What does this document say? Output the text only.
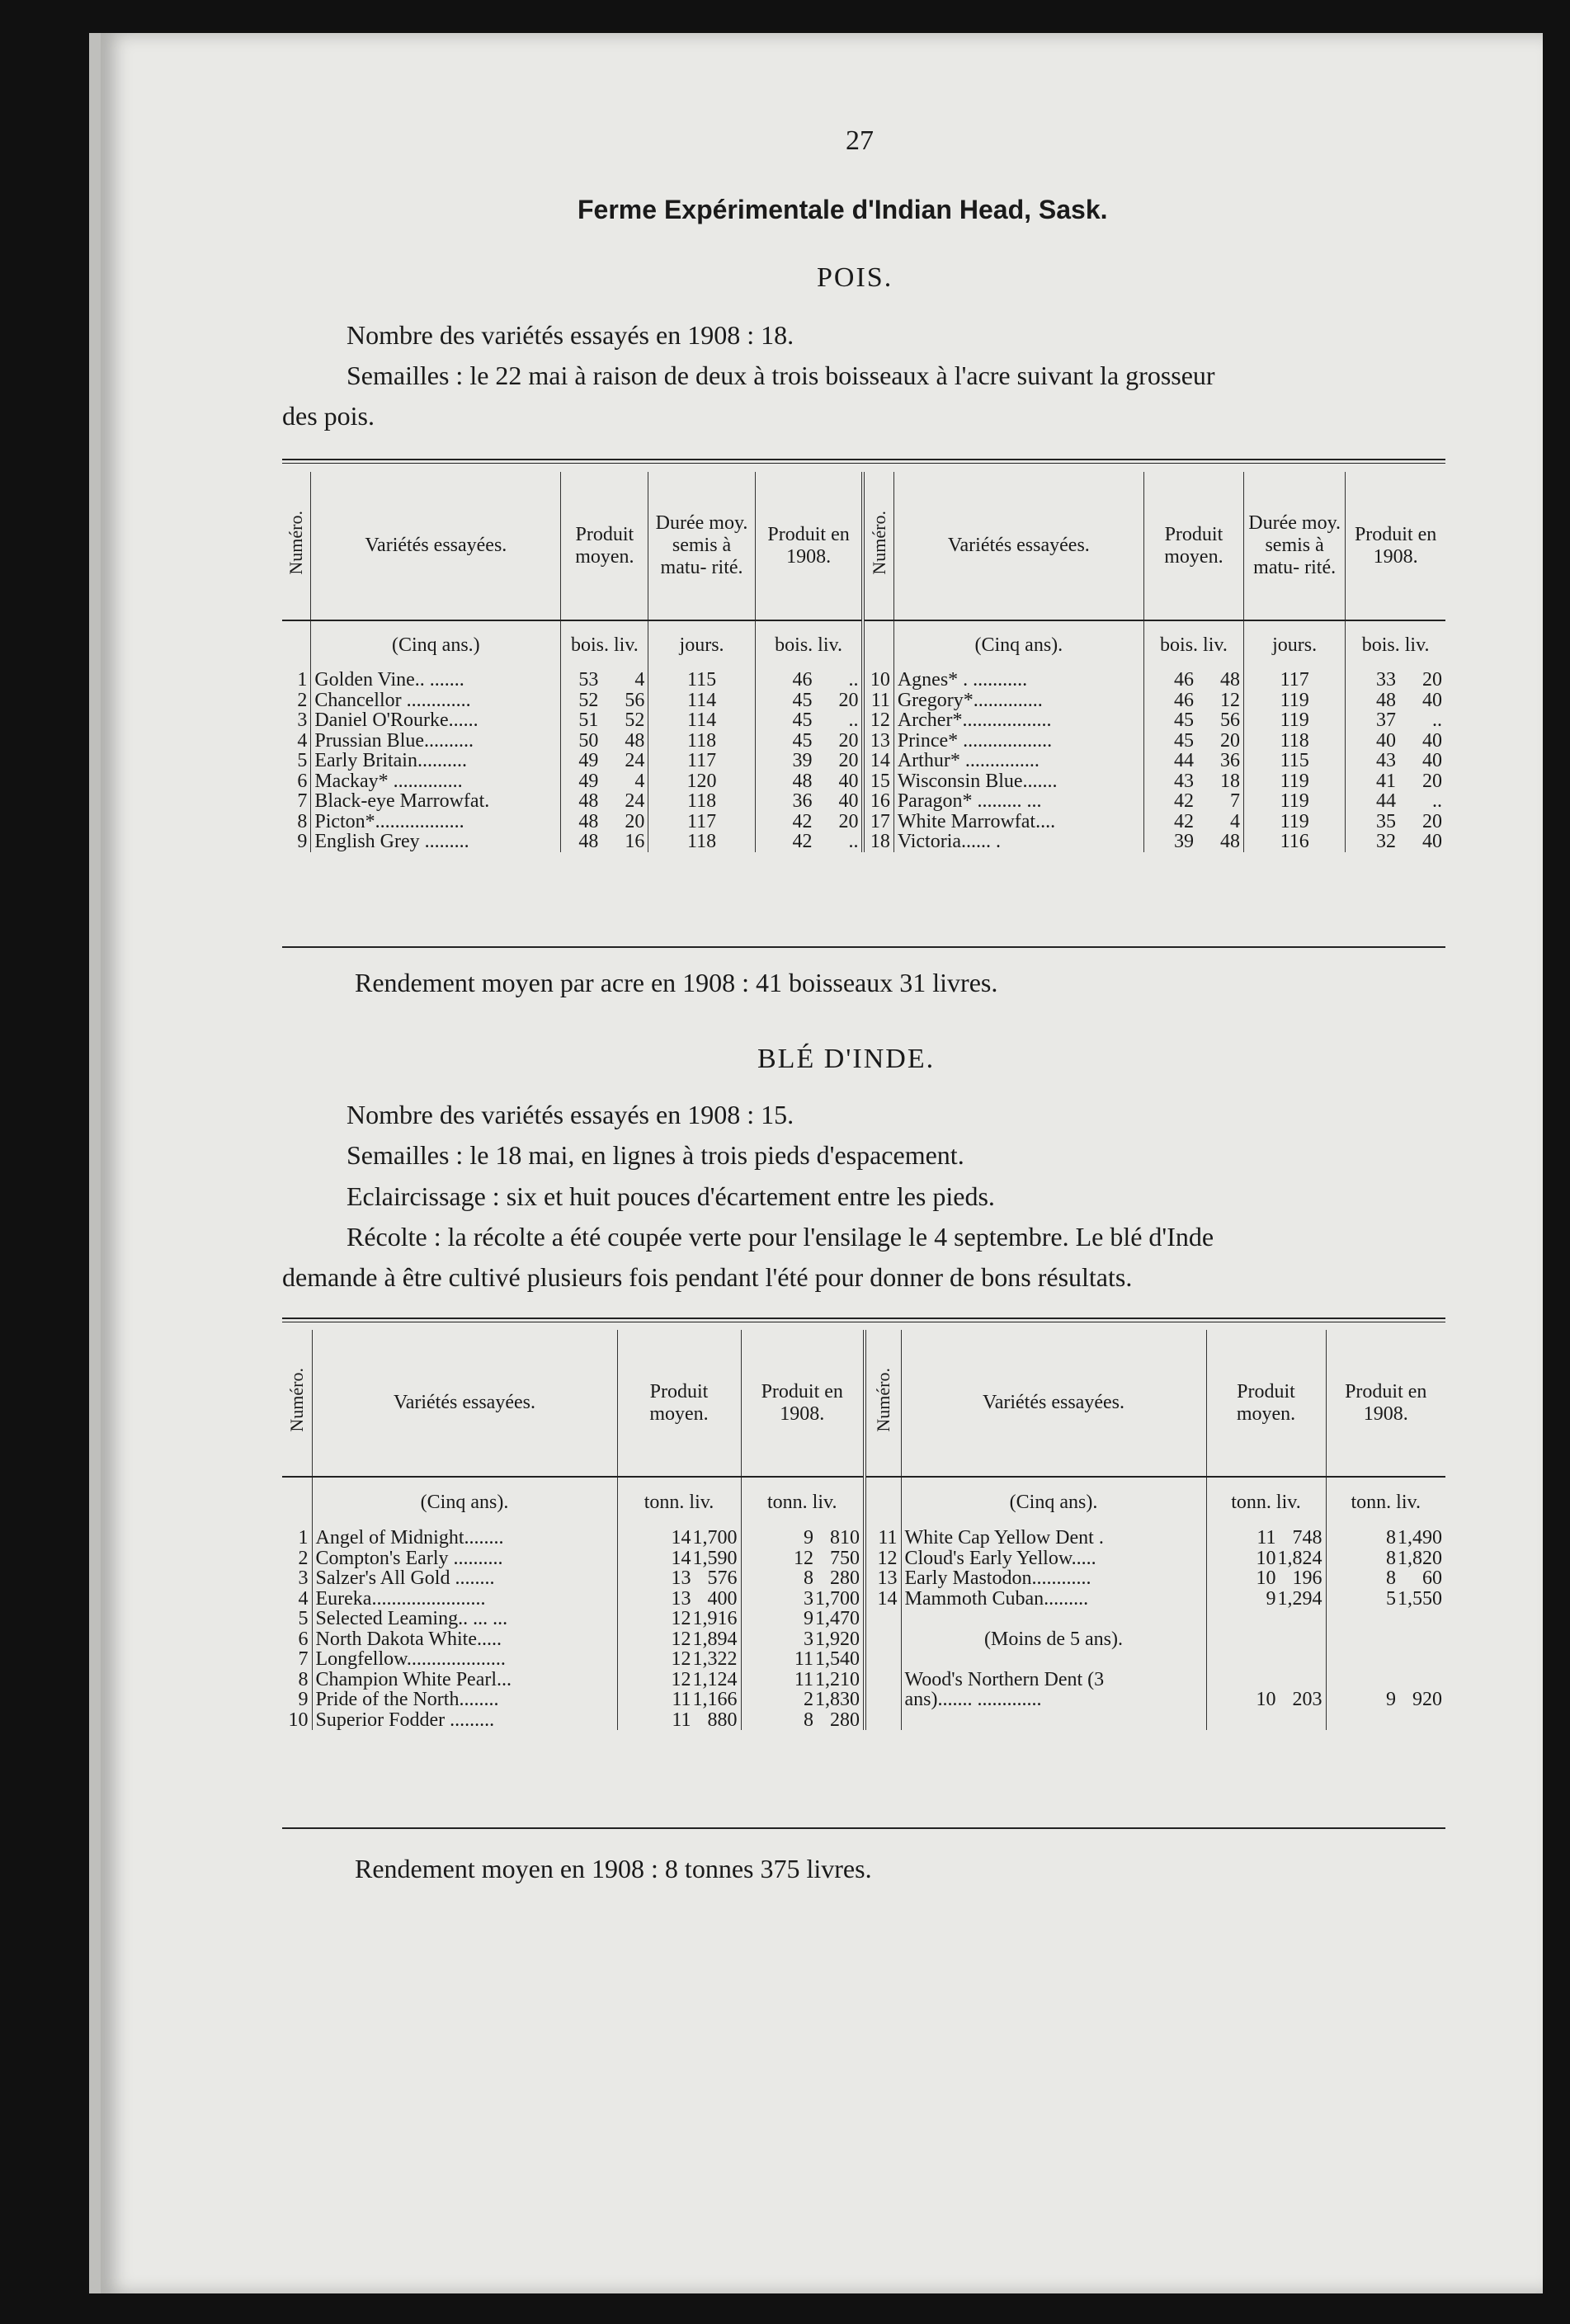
27
Ferme Expérimentale d'Indian Head, Sask.
POIS.
Nombre des variétés essayés en 1908 : 18.
Semailles : le 22 mai à raison de deux à trois boisseaux à l'acre suivant la grosseur
des pois.
Numéro.	Variétés essayées.	Produit moyen.	Durée moy. semis à matu- rité.	Produit en 1908.	Numéro.	Variétés essayées.	Produit moyen.	Durée moy. semis à matu- rité.	Produit en 1908.
	(Cinq ans.)	bois. liv.	jours.	bois. liv.		(Cinq ans).	bois. liv.	jours.	bois. liv.
1	Golden Vine.. .......	53 4	115	46 ..	10	Agnes* . ...........	46 48	117	33 20
2	Chancellor .............	52 56	114	45 20	11	Gregory*..............	46 12	119	48 40
3	Daniel O'Rourke......	51 52	114	45 ..	12	Archer*..................	45 56	119	37 ..
4	Prussian Blue..........	50 48	118	45 20	13	Prince* ..................	45 20	118	40 40
5	Early Britain..........	49 24	117	39 20	14	Arthur* ...............	44 36	115	43 40
6	Mackay* ..............	49 4	120	48 40	15	Wisconsin Blue.......	43 18	119	41 20
7	Black-eye Marrowfat.	48 24	118	36 40	16	Paragon* ......... ...	42 7	119	44 ..
8	Picton*..................	48 20	117	42 20	17	White Marrowfat....	42 4	119	35 20
9	English Grey .........	48 16	118	42 ..	18	Victoria...... .	39 48	116	32 40
Rendement moyen par acre en 1908 : 41 boisseaux 31 livres.
BLÉ D'INDE.
Nombre des variétés essayés en 1908 : 15.
Semailles : le 18 mai, en lignes à trois pieds d'espacement.
Eclaircissage : six et huit pouces d'écartement entre les pieds.
Récolte : la récolte a été coupée verte pour l'ensilage le 4 septembre. Le blé d'Inde
demande à être cultivé plusieurs fois pendant l'été pour donner de bons résultats.
Numéro.	Variétés essayées.	Produit moyen.	Produit en 1908.	Numéro.	Variétés essayées.	Produit moyen.	Produit en 1908.
	(Cinq ans).	tonn. liv.	tonn. liv.		(Cinq ans).	tonn. liv.	tonn. liv.
1	Angel of Midnight........	141,700	9 810	11	White Cap Yellow Dent .	11 748	81,490
2	Compton's Early ..........	141,590	12 750	12	Cloud's Early Yellow.....	101,824	81,820
3	Salzer's All Gold ........	13 576	8 280	13	Early Mastodon............	10 196	8 60
4	Eureka.......................	13 400	31,700	14	Mammoth Cuban.........	91,294	51,550
5	Selected Leaming.. ... ...	121,916	91,470				
6	North Dakota White.....	121,894	31,920		(Moins de 5 ans).		
7	Longfellow....................	121,322	111,540				
8	Champion White Pearl...	121,124	111,210		Wood's Northern Dent (3		
9	Pride of the North........	111,166	21,830		ans)....... .............	10 203	9 920
10	Superior Fodder .........	11 880	8 280				
Rendement moyen en 1908 : 8 tonnes 375 livres.
